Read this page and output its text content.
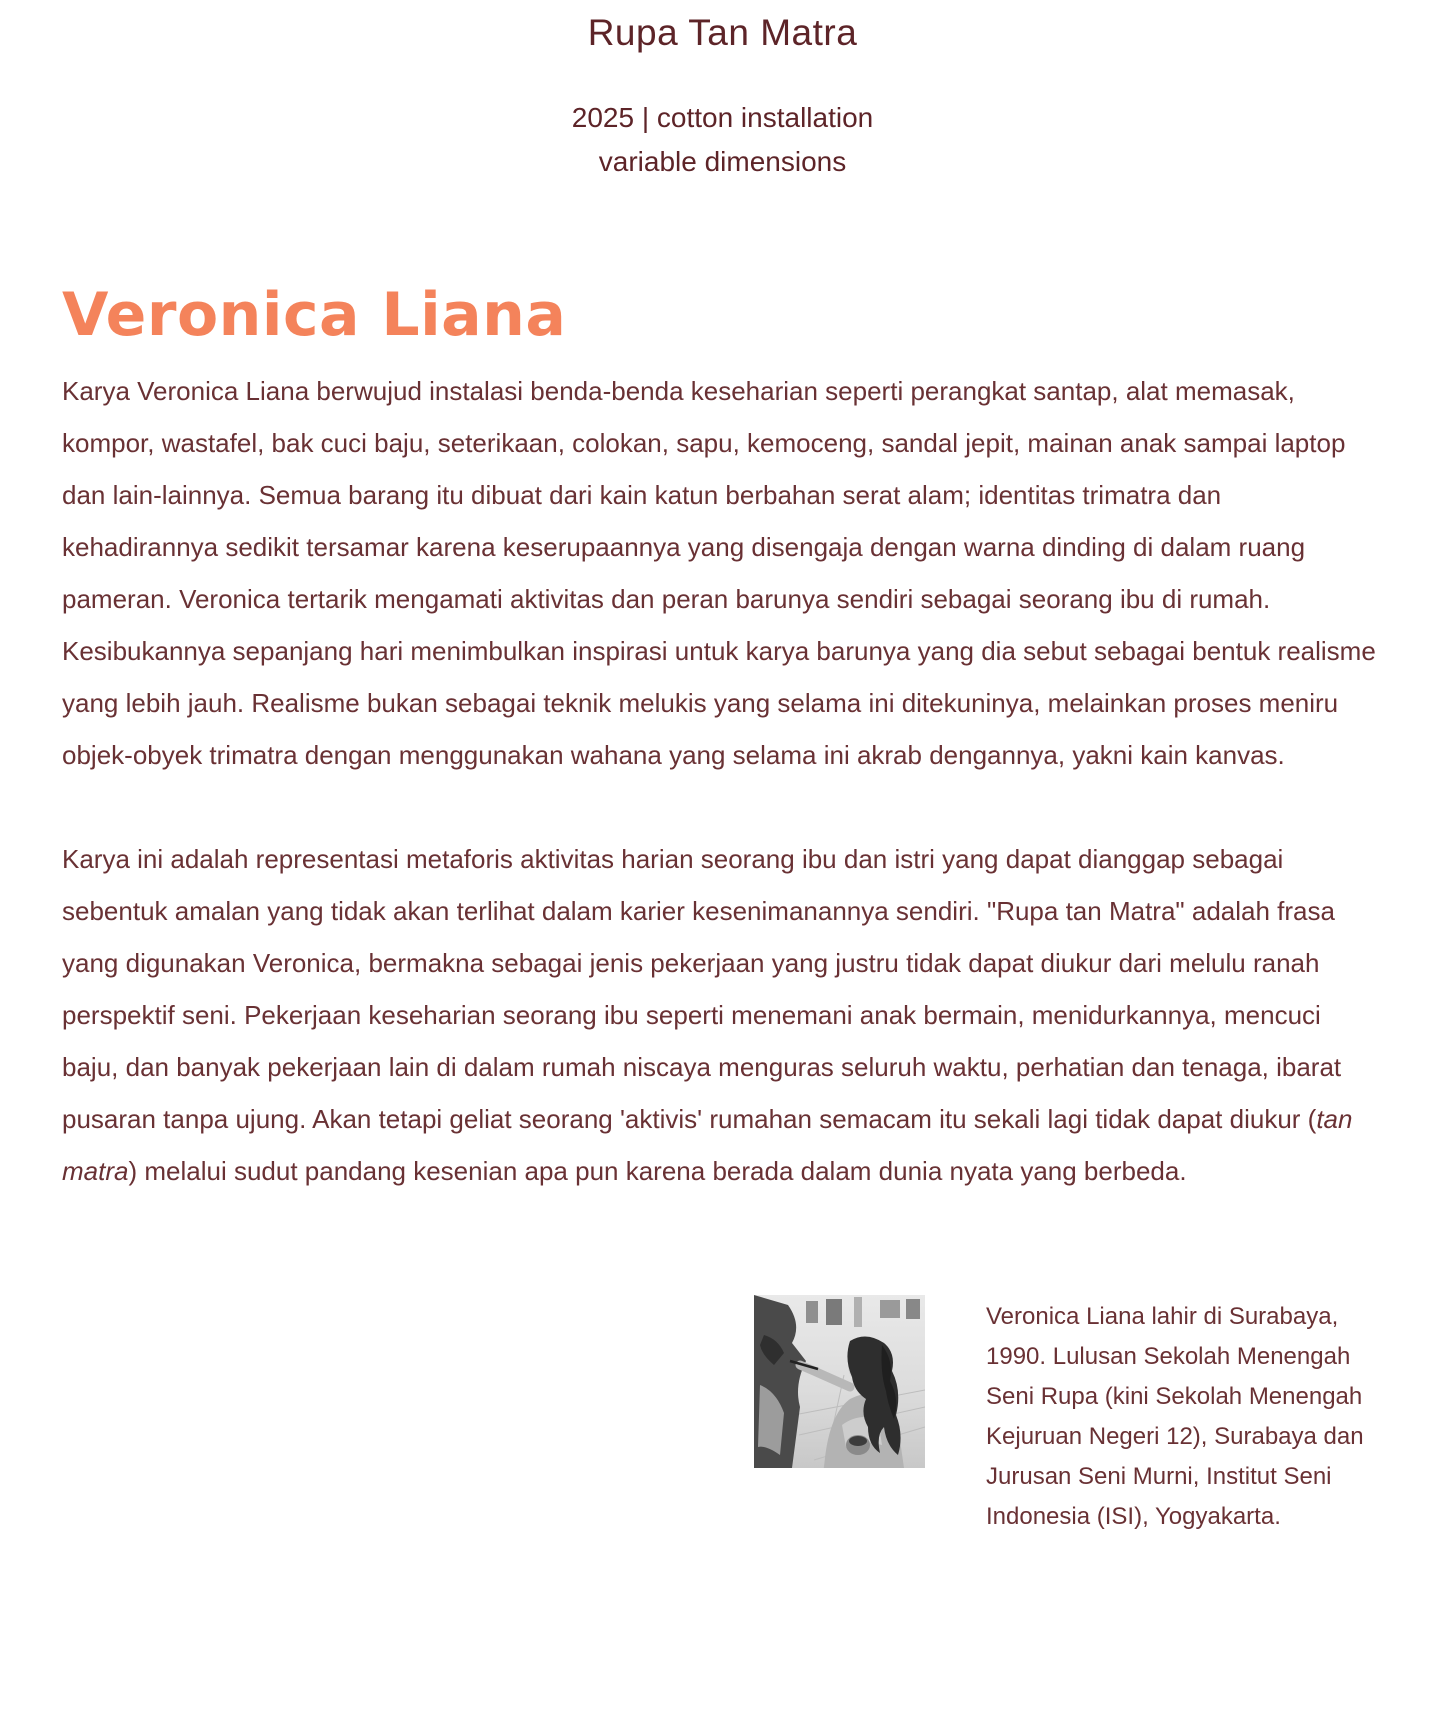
Rupa Tan Matra
2025 | cotton installation
variable dimensions
Veronica Liana

Karya Veronica Liana berwujud instalasi benda-benda keseharian seperti perangkat santap, alat memasak, kompor, wastafel, bak cuci baju, seterikaan, colokan, sapu, kemoceng, sandal jepit, mainan anak sampai laptop dan lain-lainnya. Semua barang itu dibuat dari kain katun berbahan serat alam; identitas trimatra dan kehadirannya sedikit tersamar karena keserupaannya yang disengaja dengan warna dinding di dalam ruang pameran. Veronica tertarik mengamati aktivitas dan peran barunya sendiri sebagai seorang ibu di rumah. Kesibukannya sepanjang hari menimbulkan inspirasi untuk karya barunya yang dia sebut sebagai bentuk realisme yang lebih jauh. Realisme bukan sebagai teknik melukis yang selama ini ditekuninya, melainkan proses meniru objek-obyek trimatra dengan menggunakan wahana yang selama ini akrab dengannya, yakni kain kanvas.

Karya ini adalah representasi metaforis aktivitas harian seorang ibu dan istri yang dapat dianggap sebagai sebentuk amalan yang tidak akan terlihat dalam karier kesenimanannya sendiri. "Rupa tan Matra" adalah frasa yang digunakan Veronica, bermakna sebagai jenis pekerjaan yang justru tidak dapat diukur dari melulu ranah perspektif seni. Pekerjaan keseharian seorang ibu seperti menemani anak bermain, menidurkannya, mencuci baju, dan banyak pekerjaan lain di dalam rumah niscaya menguras seluruh waktu, perhatian dan tenaga, ibarat pusaran tanpa ujung. Akan tetapi geliat seorang 'aktivis' rumahan semacam itu sekali lagi tidak dapat diukur (tan matra) melalui sudut pandang kesenian apa pun karena berada dalam dunia nyata yang berbeda.

Veronica Liana lahir di Surabaya, 1990. Lulusan Sekolah Menengah Seni Rupa (kini Sekolah Menengah Kejuruan Negeri 12), Surabaya dan Jurusan Seni Murni, Institut Seni Indonesia (ISI), Yogyakarta.
